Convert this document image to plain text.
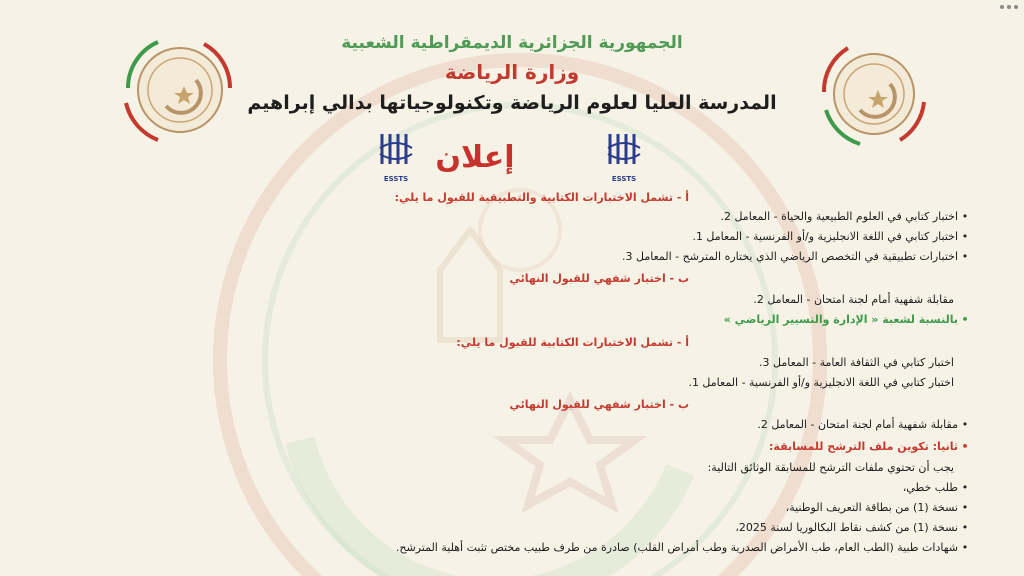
الجمهورية الجزائرية الديمقراطية الشعبية
وزارة الرياضة
المدرسة العليا لعلوم الرياضة وتكنولوجياتها بدالي إبراهيم
ESSTS	ESSTS
إعلان
أ - تشمل الاختبارات الكتابية والتطبيقية للقبول ما يلي:
• اختبار كتابي في العلوم الطبيعية والحياة - المعامل 2.
• اختبار كتابي في اللغة الانجليزية و/أو الفرنسية - المعامل 1.
• اختبارات تطبيقية في التخصص الرياضي الذي يختاره المترشح - المعامل 3.
ب - اختبار شفهي للقبول النهائي
مقابلة شفهية أمام لجنة امتحان - المعامل 2.
• بالنسبة لشعبة « الإدارة والتسيير الرياضي »
أ - تشمل الاختبارات الكتابية للقبول ما يلي:
اختبار كتابي في الثقافة العامة - المعامل 3.
اختبار كتابي في اللغة الانجليزية و/أو الفرنسية - المعامل 1.
ب - اختبار شفهي للقبول النهائي
• مقابلة شفهية أمام لجنة امتحان - المعامل 2.
• ثانيا: تكوين ملف الترشح للمسابقة:
يجب أن تحتوي ملفات الترشح للمسابقة الوثائق التالية:
• طلب خطي،
• نسخة (1) من بطاقة التعريف الوطنية،
• نسخة (1) من كشف نقاط البكالوريا لسنة 2025،
• شهادات طبية (الطب العام، طب الأمراض الصدرية وطب أمراض القلب) صادرة من طرف طبيب مختص تثبت أهلية المترشح.
